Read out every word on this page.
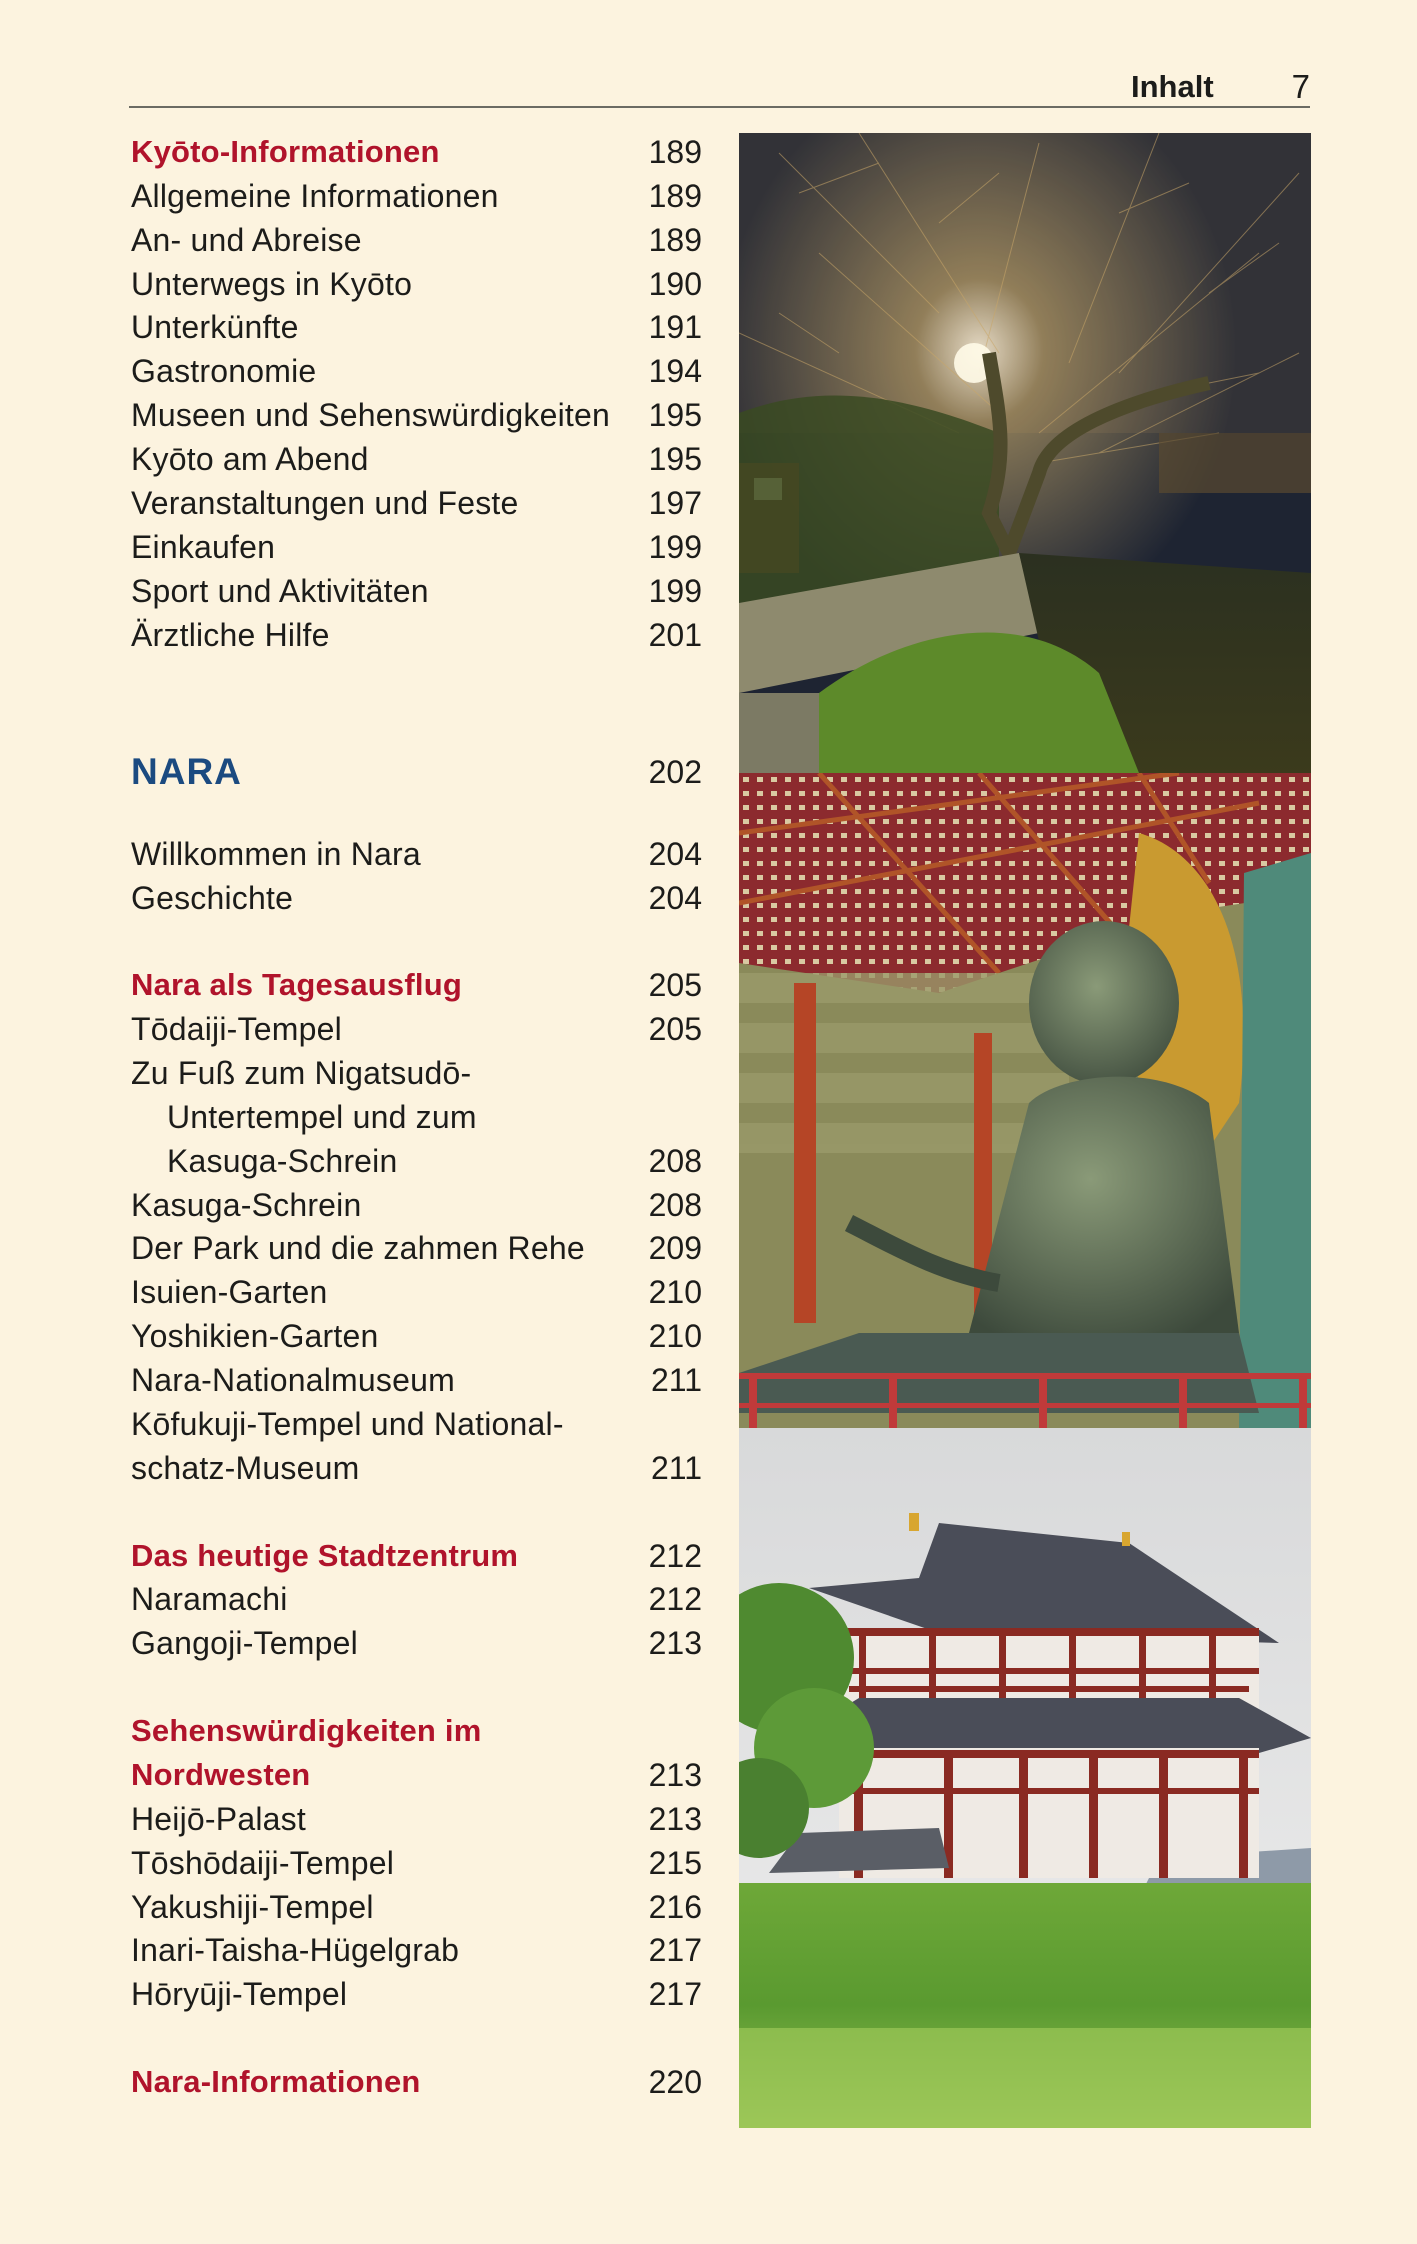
Inhalt 7
Kyōto-Informationen	189
Allgemeine Informationen	189
An- und Abreise	189
Unterwegs in Kyōto	190
Unterkünfte	191
Gastronomie	194
Museen und Sehenswürdigkeiten 195
Kyōto am Abend	195
Veranstaltungen und Feste	197
Einkaufen	199
Sport und Aktivitäten	199
Ärztliche Hilfe	201
NARA	202
Willkommen in Nara	204
Geschichte	204
Nara als Tagesausflug	205
Tōdaiji-Tempel	205
Zu Fuß zum Nigatsudō-
Untertempel und zum
Kasuga-Schrein	208
Kasuga-Schrein	208
Der Park und die zahmen Rehe 209
Isuien-Garten	210
Yoshikien-Garten	210
Nara-Nationalmuseum	211
Kōfukuji-Tempel und National-
schatz-Museum	211
Das heutige Stadtzentrum	212
Naramachi	212
Gangoji-Tempel	213
Sehenswürdigkeiten im
Nordwesten	213
Heijō-Palast	213
Tōshōdaiji-Tempel	215
Yakushiji-Tempel	216
Inari-Taisha-Hügelgrab	217
Hōryūji-Tempel	217
Nara-Informationen	220
